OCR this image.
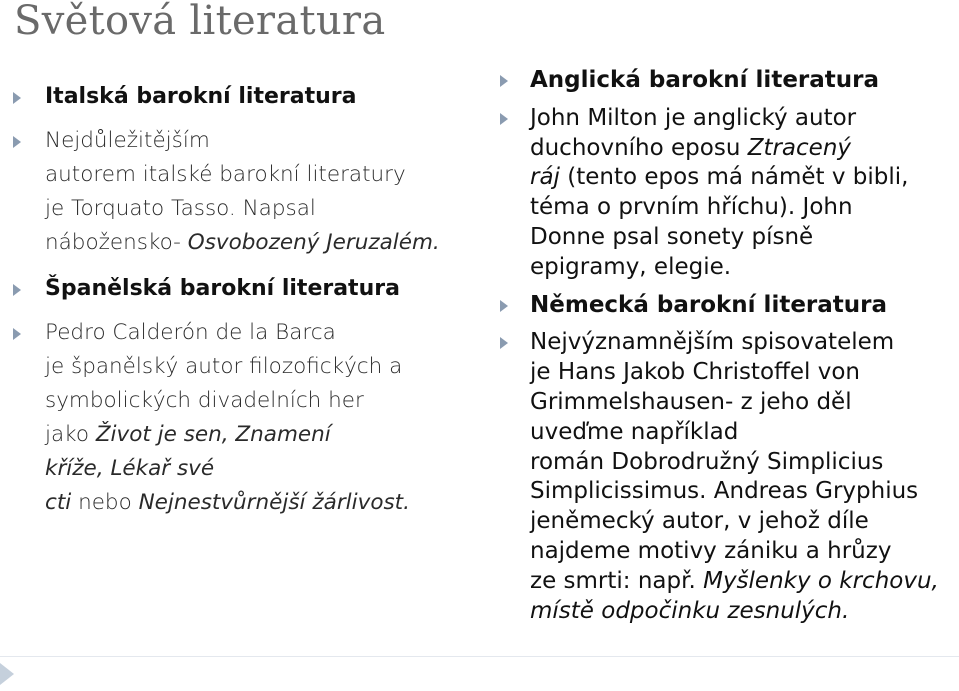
Světová literatura
Italská barokní literatura
Nejdůležitějším
autorem italské barokní literatury
je Torquato Tasso. Napsal
nábožensko- Osvobozený Jeruzalém.
Španělská barokní literatura
Pedro Calderón de la Barca
je španělský autor filozofických a
symbolických divadelních her
jako Život je sen, Znamení
kříže, Lékař své
cti nebo Nejnestvůrnější žárlivost.
Anglická barokní literatura
John Milton je anglický autor
duchovního eposu Ztracený
ráj (tento epos má námět v bibli,
téma o prvním hříchu). John
Donne psal sonety písně
epigramy, elegie.
Německá barokní literatura
Nejvýznamnějším spisovatelem
je Hans Jakob Christoffel von
Grimmelshausen- z jeho děl
uveďme například
román Dobrodružný Simplicius
Simplicissimus. Andreas Gryphius
jeněmecký autor, v jehož díle
najdeme motivy zániku a hrůzy
ze smrti: např. Myšlenky o krchovu,
místě odpočinku zesnulých.
